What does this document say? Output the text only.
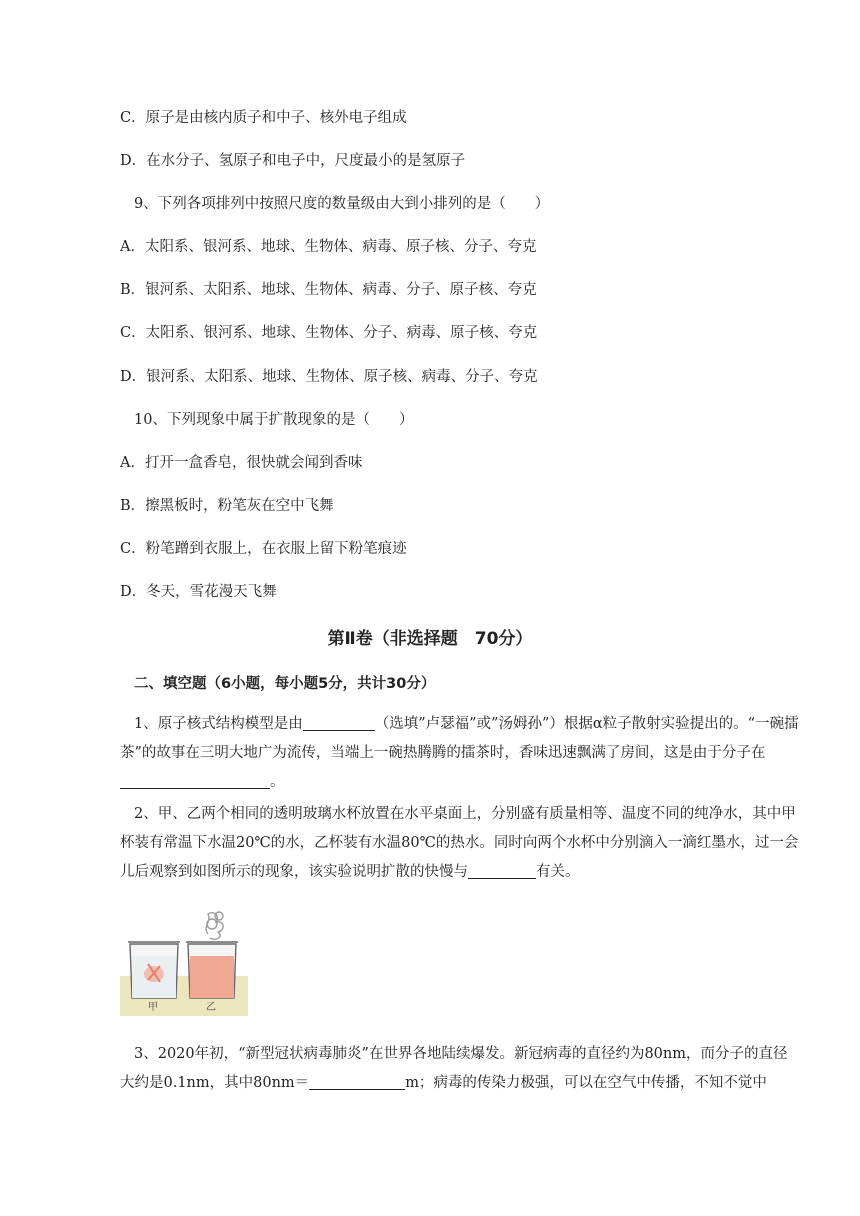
C．原子是由核内质子和中子、核外电子组成
D．在水分子、氢原子和电子中，尺度最小的是氢原子
9、下列各项排列中按照尺度的数量级由大到小排列的是（　　）
A．太阳系、银河系、地球、生物体、病毒、原子核、分子、夸克
B．银河系、太阳系、地球、生物体、病毒、分子、原子核、夸克
C．太阳系、银河系、地球、生物体、分子、病毒、原子核、夸克
D．银河系、太阳系、地球、生物体、原子核、病毒、分子、夸克
10、下列现象中属于扩散现象的是（　　）
A．打开一盒香皂，很快就会闻到香味
B．擦黑板时，粉笔灰在空中飞舞
C．粉笔蹭到衣服上，在衣服上留下粉笔痕迹
D．冬天，雪花漫天飞舞
第Ⅱ卷（非选择题　70分）
二、填空题（6小题，每小题5分，共计30分）
1、原子核式结构模型是由	（选填”卢瑟福”或”汤姆孙”）根据α粒子散射实验提出的。“一碗擂茶”的故事在三明大地广为流传，当端上一碗热腾腾的擂茶时，香味迅速飘满了房间，这是由于分子在。
2、甲、乙两个相同的透明玻璃水杯放置在水平桌面上，分别盛有质量相等、温度不同的纯净水，其中甲杯装有常温下水温20℃的水，乙杯装有水温80℃的热水。同时向两个水杯中分别滴入一滴红墨水，过一会儿后观察到如图所示的现象，该实验说明扩散的快慢与	有关。
甲	乙
3、2020年初，“新型冠状病毒肺炎”在世界各地陆续爆发。新冠病毒的直径约为80nm，而分子的直径大约是0.1nm，其中80nm＝	m；病毒的传染力极强，可以在空气中传播，不知不觉中
